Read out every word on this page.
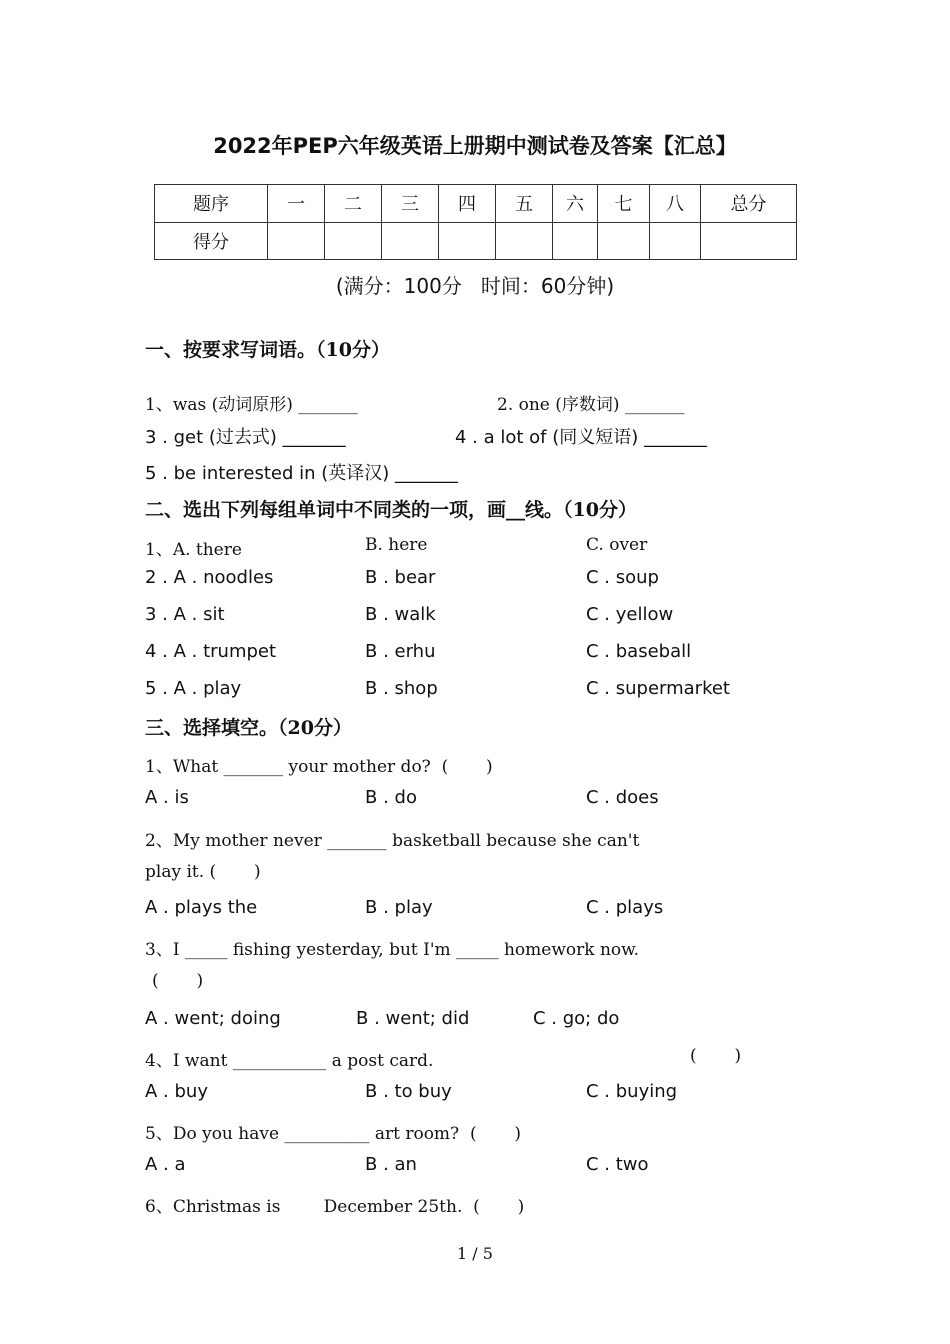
2022年PEP六年级英语上册期中测试卷及答案【汇总】
题序	一	二	三	四	五	六	七	八	总分
得分									
(满分：100分   时间：60分钟)
一、按要求写词语。（10分）
1、was (动词原形) _______	2. one (序数词) _______
3 . get (过去式) _______	4 . a lot of (同义短语) _______
5 . be interested in (英译汉) _______
二、选出下列每组单词中不同类的一项，画__线。（10分）
1、A. there	B. here	C. over
2 . A . noodles	B . bear	C . soup
3 . A . sit	B . walk	C . yellow
4 . A . trumpet	B . erhu	C . baseball
5 . A . play	B . shop	C . supermarket
三、选择填空。（20分）
1、What _______ your mother do?  (       )
A . is	B . do	C . does
2、My mother never _______ basketball because she can't
play it. (       )
A . plays the	B . play	C . plays
3、I _____ fishing yesterday, but I'm _____ homework now.
(       )
A . went; doing	B . went; did	C . go; do
4、I want ___________ a post card.	(       )
A . buy	B . to buy	C . buying
5、Do you have __________ art room?  (       )
A . a	B . an	C . two
6、Christmas is        December 25th.  (       )
1 / 5
